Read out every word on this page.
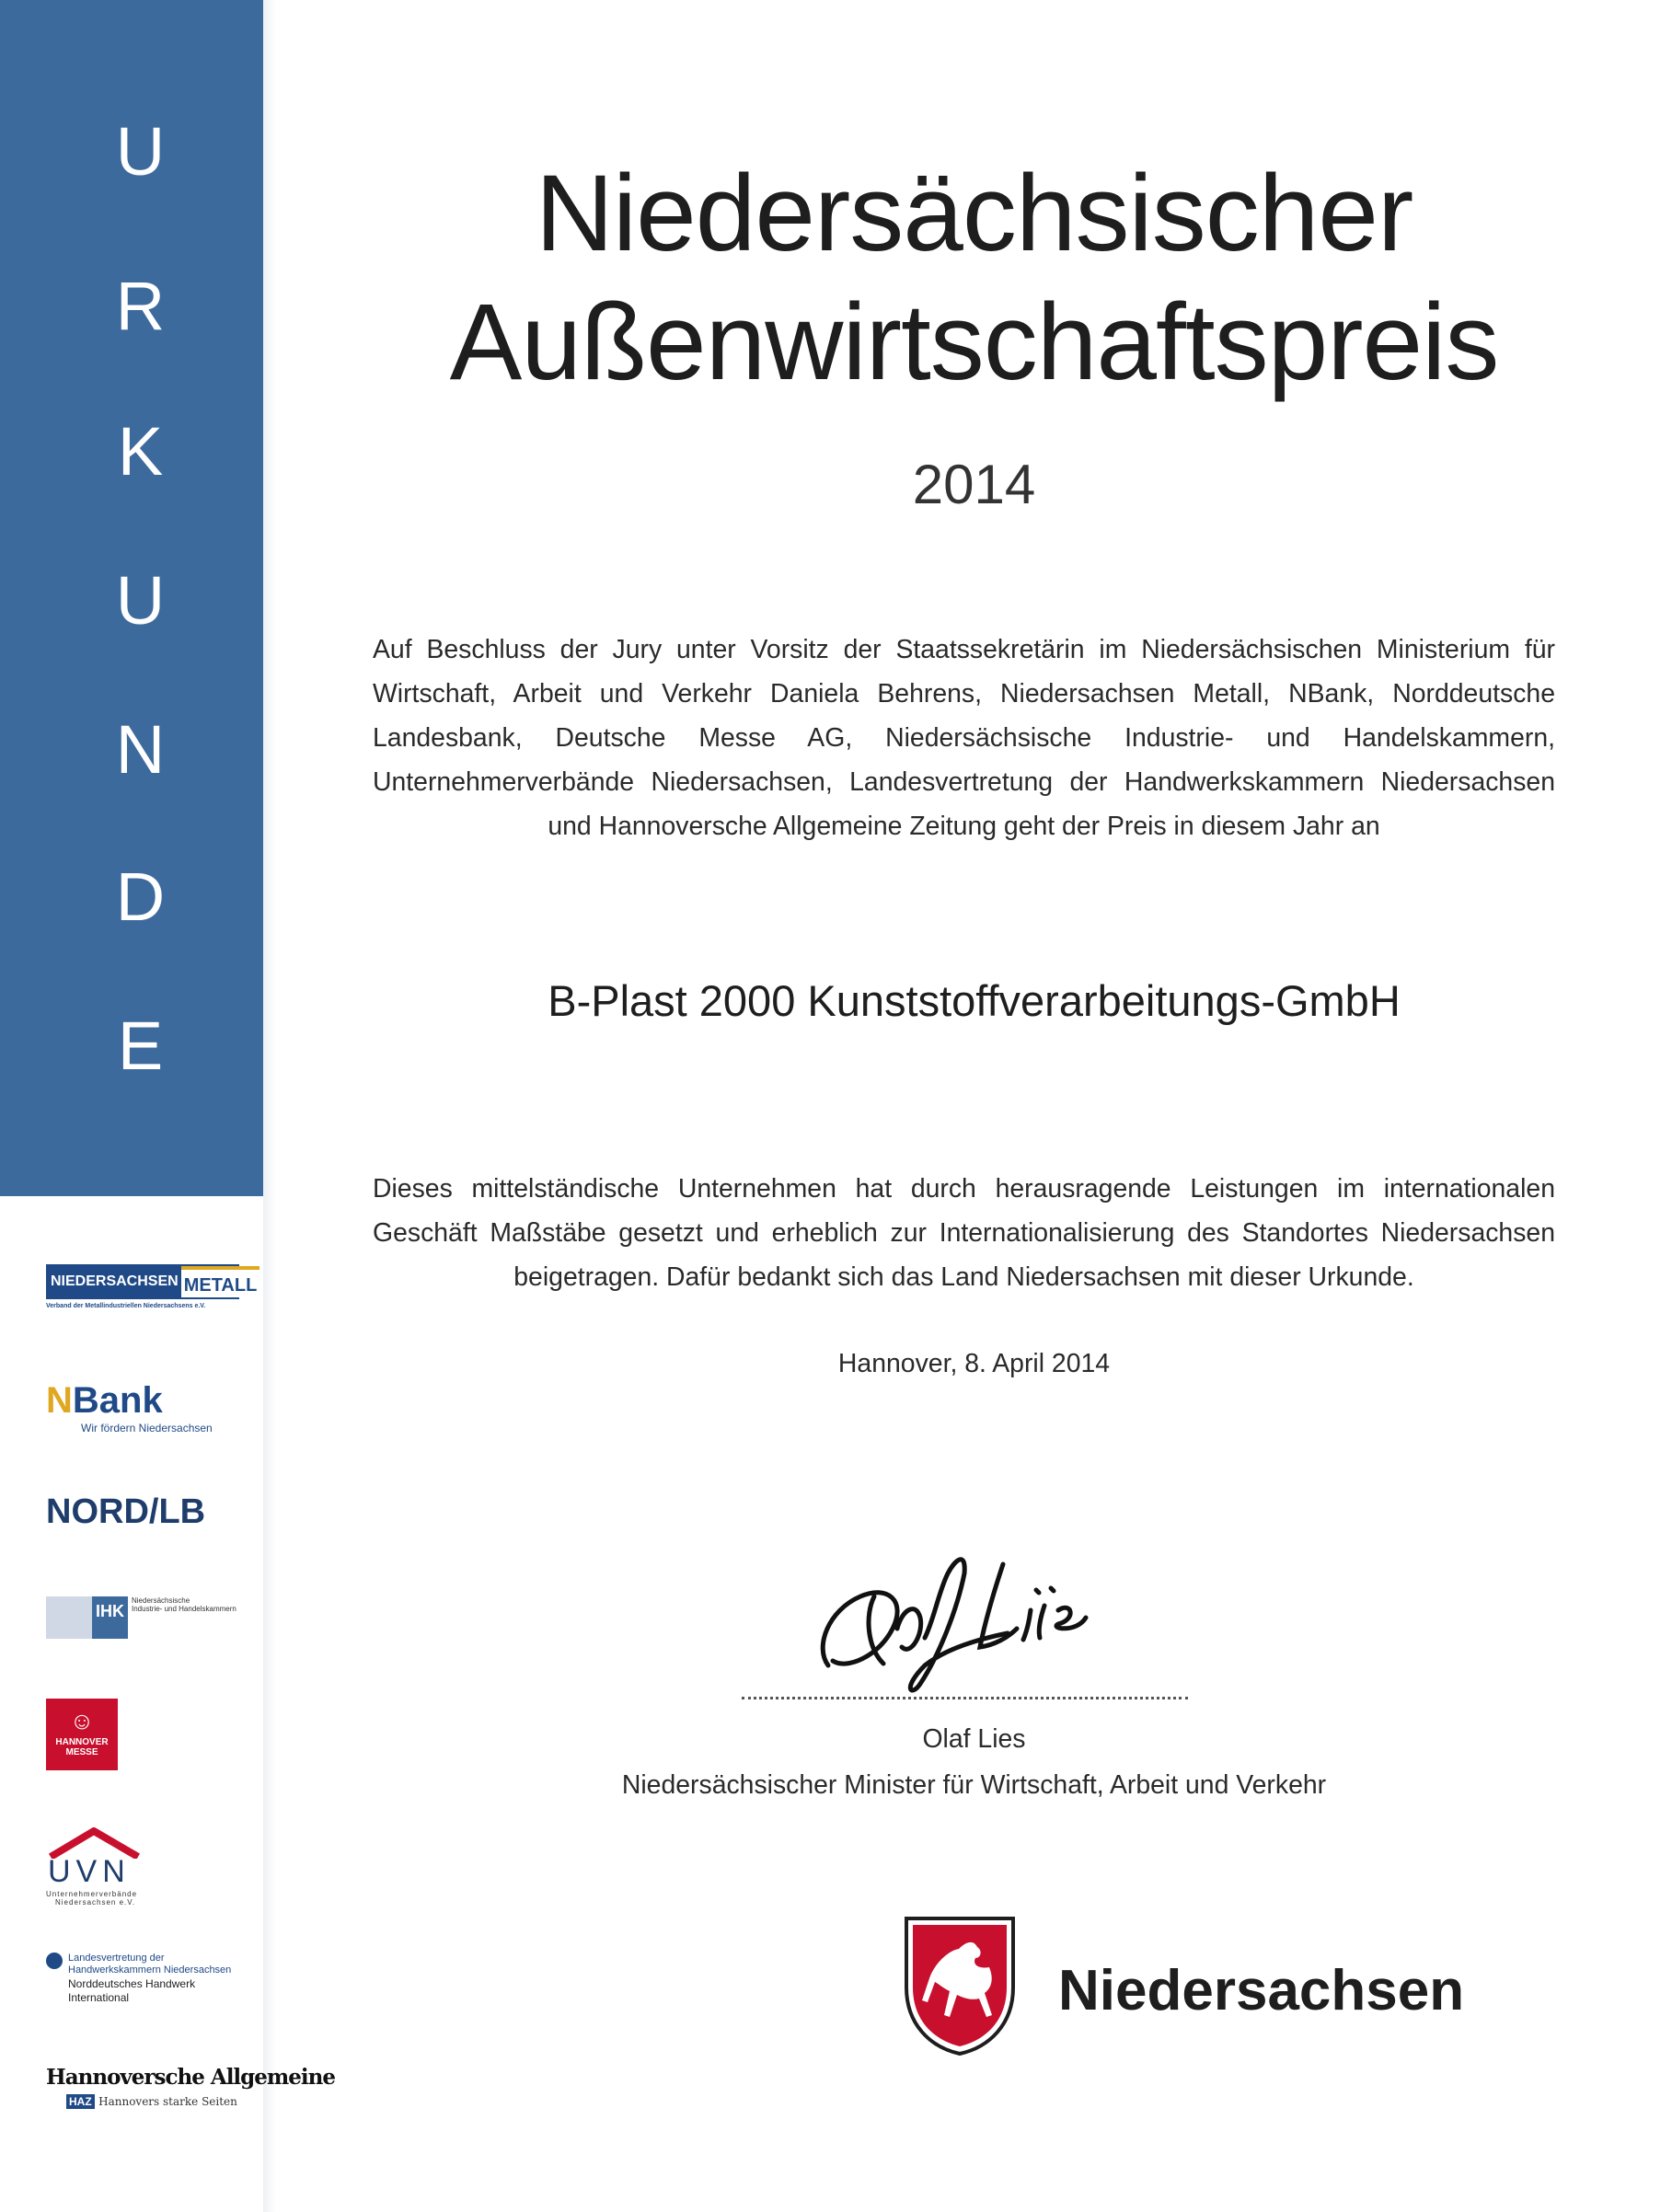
U
R
K
U
N
D
E
Niedersächsischer
Außenwirtschaftspreis
2014
Auf Beschluss der Jury unter Vorsitz der Staatssekretärin im Niedersächsischen Ministerium für Wirtschaft, Arbeit und Verkehr Daniela Behrens, Niedersachsen Metall, NBank, Norddeutsche Landesbank, Deutsche Messe AG, Niedersächsische Industrie- und Handelskammern, Unternehmerverbände Niedersachsen, Landesvertretung der Handwerkskammern Niedersachsen und Hannoversche Allgemeine Zeitung geht der Preis in diesem Jahr an
B-Plast 2000 Kunststoffverarbeitungs-GmbH
Dieses mittelständische Unternehmen hat durch herausragende Leistungen im internationalen Geschäft Maßstäbe gesetzt und erheblich zur Internationalisierung des Standortes Niedersachsen beigetragen. Dafür bedankt sich das Land Niedersachsen mit dieser Urkunde.
Hannover, 8. April 2014
Olaf Lies
Olaf Lies
Niedersächsischer Minister für Wirtschaft, Arbeit und Verkehr
Niedersachsen
NIEDERSACHSEN METALL
Verband der Metallindustriellen Niedersachsens e.V.
NBank
Wir fördern Niedersachsen
NORD/LB
IHK
Niedersächsische
Industrie- und Handelskammern
☺
HANNOVER
MESSE
UVN
Unternehmerverbände
Niedersachsen e.V.
Landesvertretung der
Handwerkskammern Niedersachsen
Norddeutsches Handwerk
International
Hannoversche Allgemeine
HAZ Hannovers starke Seiten
